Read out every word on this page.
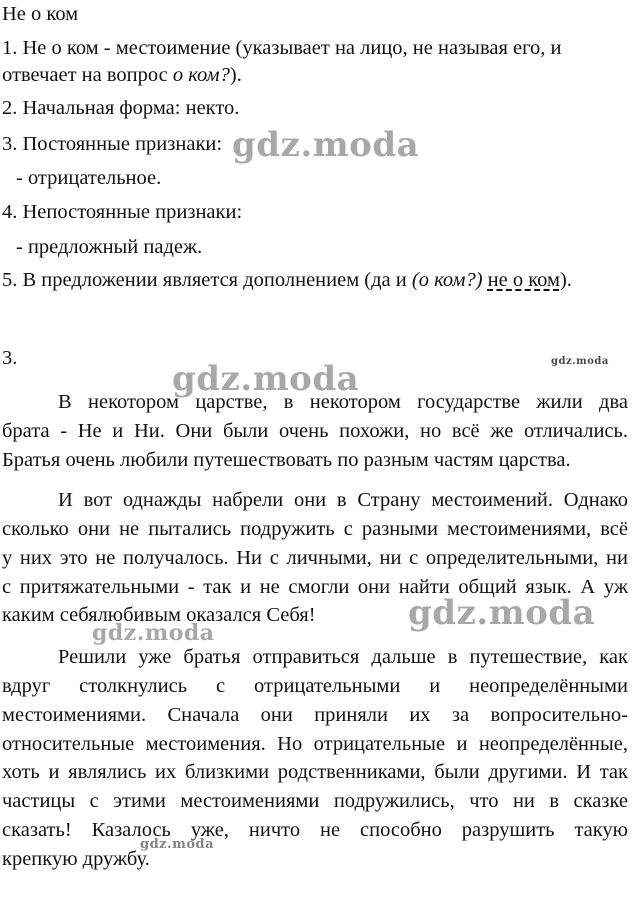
Не о ком
1. Не о ком - местоимение (указывает на лицо, не называя его, и
отвечает на вопрос о ком?).
2. Начальная форма: некто.
3. Постоянные признаки:
- отрицательное.
4. Непостоянные признаки:
- предложный падеж.
5. В предложении является дополнением (да и (о ком?) не о ком).
3.
В некотором царстве, в некотором государстве жили два
брата - Не и Ни. Они были очень похожи, но всё же отличались.
Братья очень любили путешествовать по разным частям царства.
И вот однажды набрели они в Страну местоимений. Однако
сколько они не пытались подружить с разными местоимениями, всё
у них это не получалось. Ни с личными, ни с определительными, ни
с притяжательными - так и не смогли они найти общий язык. А уж
каким себялюбивым оказался Себя!
Решили уже братья отправиться дальше в путешествие, как
вдруг столкнулись с отрицательными и неопределёнными
местоимениями. Сначала они приняли их за вопросительно-
относительные местоимения. Но отрицательные и неопределённые,
хоть и являлись их близкими родственниками, были другими. И так
частицы с этими местоимениями подружились, что ни в сказке
сказать! Казалось уже, ничто не способно разрушить такую
крепкую дружбу.
gdz.moda
gdz.moda	gdz.moda
gdz.moda
gdz.moda
gdz.moda
